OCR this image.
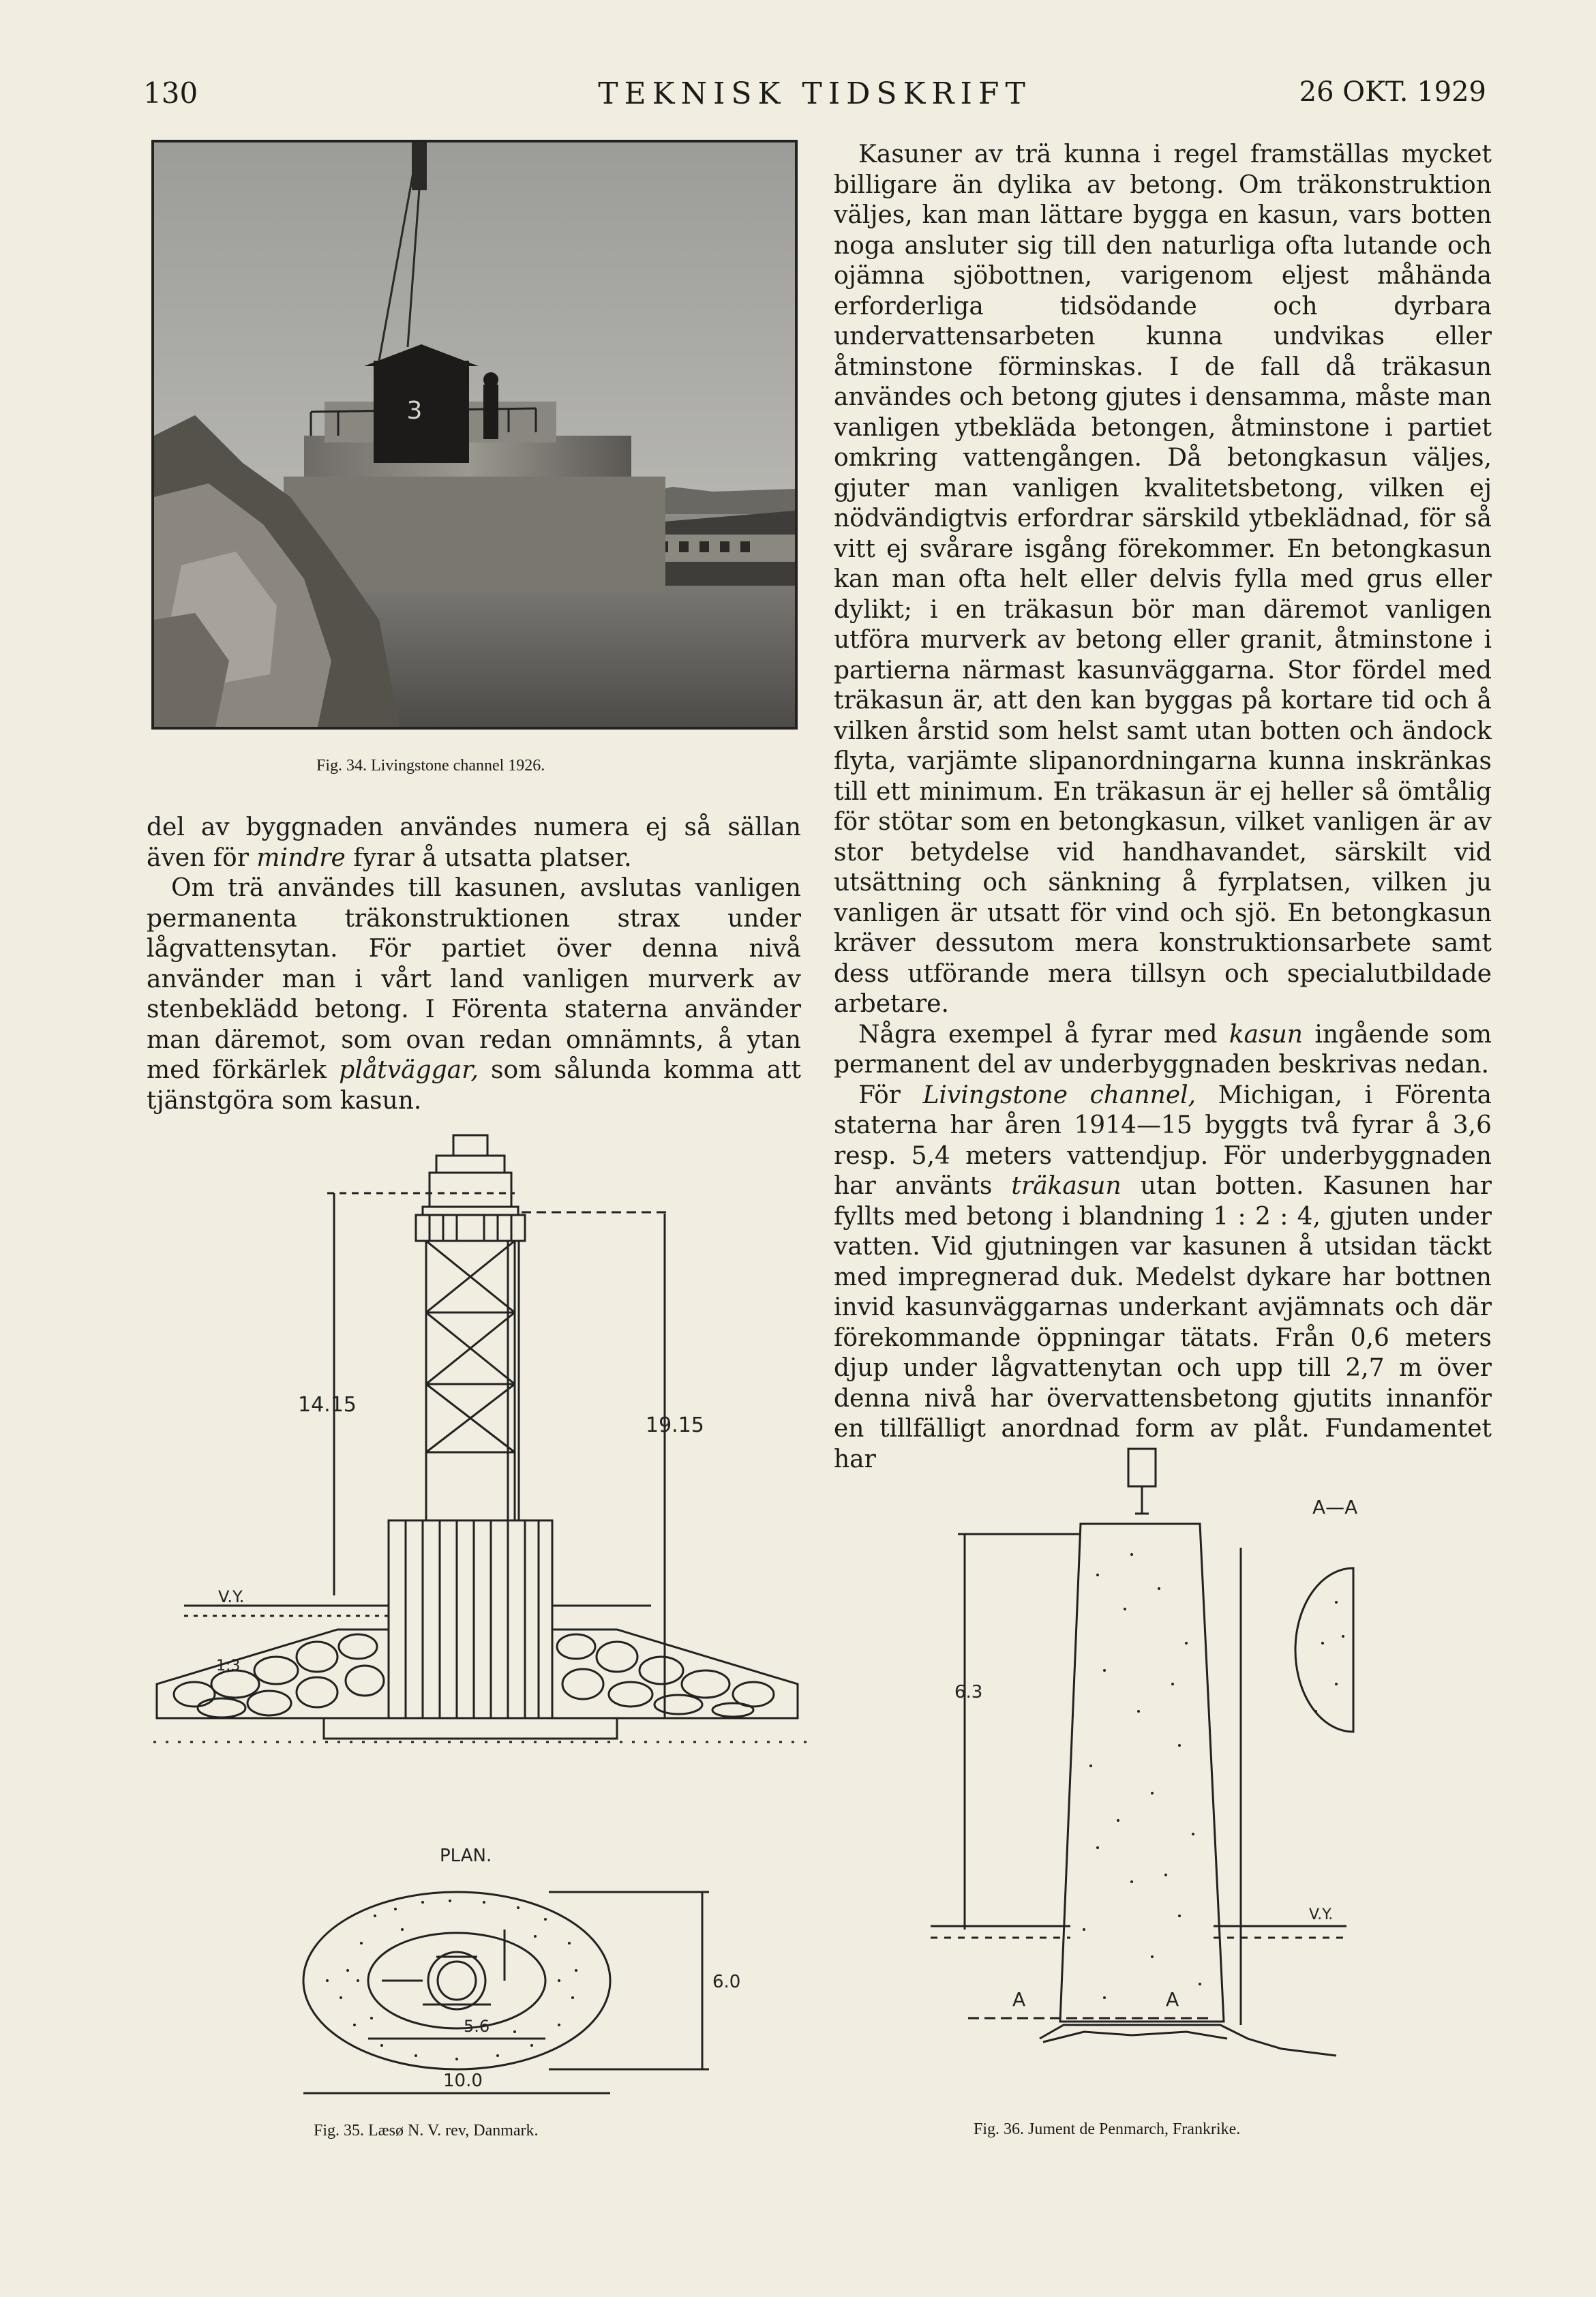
130	TEKNISK TIDSKRIFT	26 OKT. 1929
3
Fig. 34. Livingstone channel 1926.

del av byggnaden användes numera ej så sällan även för mindre fyrar å utsatta platser.

Om trä användes till kasunen, avslutas vanligen permanenta träkonstruktionen strax under lågvattensytan. För partiet över denna nivå använder man i vårt land vanligen murverk av stenbeklädd betong. I Förenta staterna använder man däremot, som ovan redan omnämnts, å ytan med förkärlek plåtväggar, som sålunda komma att tjänstgöra som kasun.

Kasuner av trä kunna i regel framställas mycket billigare än dylika av betong. Om träkonstruktion väljes, kan man lättare bygga en kasun, vars botten noga ansluter sig till den naturliga ofta lutande och ojämna sjöbottnen, varigenom eljest måhända erforderliga tidsödande och dyrbara undervattensarbeten kunna undvikas eller åtminstone förminskas. I de fall då träkasun användes och betong gjutes i densamma, måste man vanligen ytbekläda betongen, åtminstone i partiet omkring vattengången. Då betongkasun väljes, gjuter man vanligen kvalitetsbetong, vilken ej nödvändigtvis erfordrar särskild ytbeklädnad, för så vitt ej svårare isgång förekommer. En betongkasun kan man ofta helt eller delvis fylla med grus eller dylikt; i en träkasun bör man däremot vanligen utföra murverk av betong eller granit, åtminstone i partierna närmast kasunväggarna. Stor fördel med träkasun är, att den kan byggas på kortare tid och å vilken årstid som helst samt utan botten och ändock flyta, varjämte slipanordningarna kunna inskränkas till ett minimum. En träkasun är ej heller så ömtålig för stötar som en betongkasun, vilket vanligen är av stor betydelse vid handhavandet, särskilt vid utsättning och sänkning å fyrplatsen, vilken ju vanligen är utsatt för vind och sjö. En betongkasun kräver dessutom mera konstruktionsarbete samt dess utförande mera tillsyn och specialutbildade arbetare.

Några exempel å fyrar med kasun ingående som permanent del av underbyggnaden beskrivas nedan.

För Livingstone channel, Michigan, i Förenta staterna har åren 1914—15 byggts två fyrar å 3,6 resp. 5,4 meters vattendjup. För underbyggnaden har använts träkasun utan botten. Kasunen har fyllts med betong i blandning 1 : 2 : 4, gjuten under vatten. Vid gjutningen var kasunen å utsidan täckt med impregnerad duk. Medelst dykare har bottnen invid kasunväggarnas underkant avjämnats och där förekommande öppningar tätats. Från 0,6 meters djup under lågvattenytan och upp till 2,7 m över denna nivå har övervattensbetong gjutits innanför en tillfälligt anordnad form av plåt. Fundamentet har

14.15
19.15
V.Y.
1:3
PLAN.
5.6
6.0
10.0
Fig. 35. Læsø N. V. rev, Danmark.
A—A
6.3
V.Y.
A	A
Fig. 36. Jument de Penmarch, Frankrike.
